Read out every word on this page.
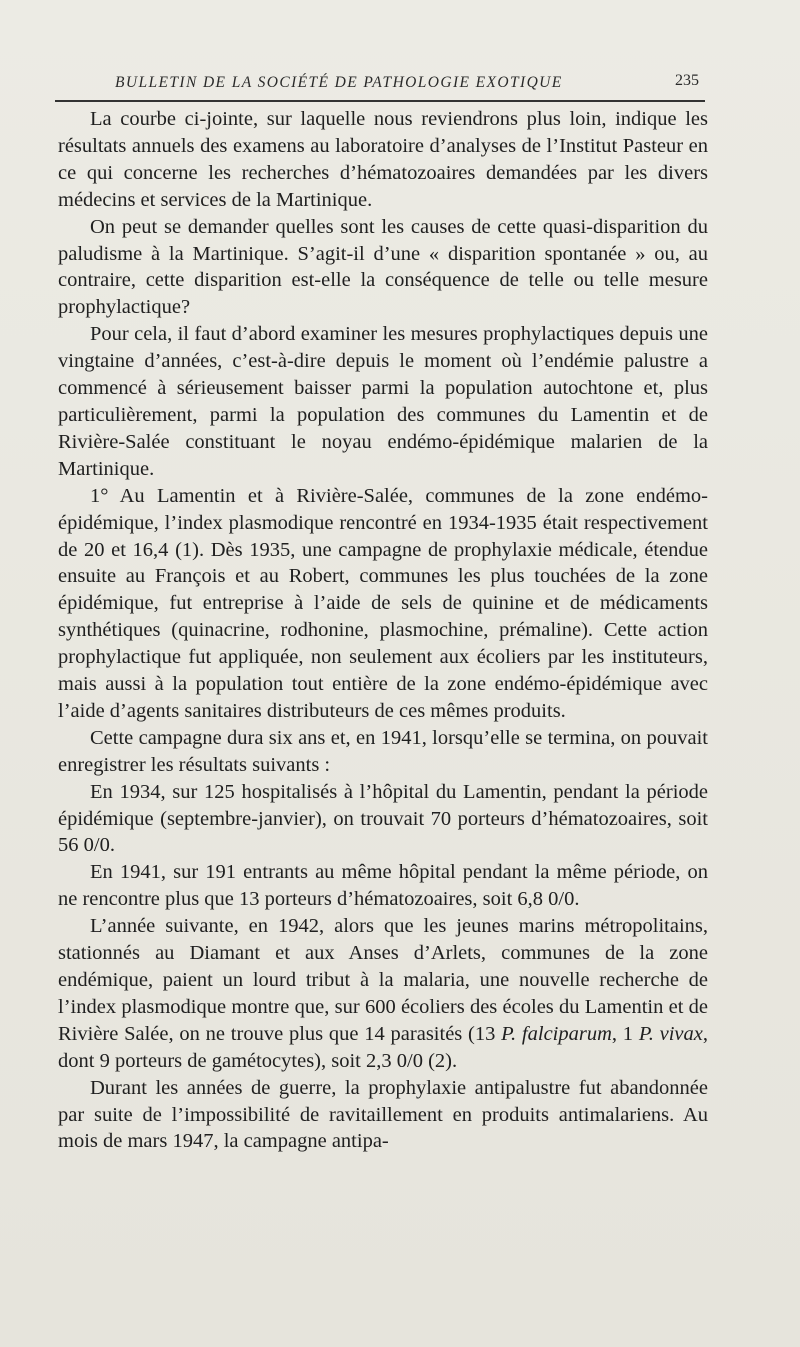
BULLETIN DE LA SOCIÉTÉ DE PATHOLOGIE EXOTIQUE	235

La courbe ci-jointe, sur laquelle nous reviendrons plus loin, indique les résultats annuels des examens au laboratoire d’analyses de l’Institut Pasteur en ce qui concerne les recherches d’hématozoaires demandées par les divers médecins et services de la Martinique.

On peut se demander quelles sont les causes de cette quasi-disparition du paludisme à la Martinique. S’agit-il d’une « disparition spontanée » ou, au contraire, cette disparition est-elle la conséquence de telle ou telle mesure prophylactique?

Pour cela, il faut d’abord examiner les mesures prophylactiques depuis une vingtaine d’années, c’est-à-dire depuis le moment où l’endémie palustre a commencé à sérieusement baisser parmi la population autochtone et, plus particulièrement, parmi la population des communes du Lamentin et de Rivière-Salée constituant le noyau endémo-épidémique malarien de la Martinique.

1° Au Lamentin et à Rivière-Salée, communes de la zone endémo-épidémique, l’index plasmodique rencontré en 1934-1935 était respectivement de 20 et 16,4 (1). Dès 1935, une campagne de prophylaxie médicale, étendue ensuite au François et au Robert, communes les plus touchées de la zone épidémique, fut entreprise à l’aide de sels de quinine et de médicaments synthétiques (quinacrine, rodhonine, plasmochine, prémaline). Cette action prophylactique fut appliquée, non seulement aux écoliers par les instituteurs, mais aussi à la population tout entière de la zone endémo-épidémique avec l’aide d’agents sanitaires distributeurs de ces mêmes produits.

Cette campagne dura six ans et, en 1941, lorsqu’elle se termina, on pouvait enregistrer les résultats suivants :

En 1934, sur 125 hospitalisés à l’hôpital du Lamentin, pendant la période épidémique (septembre-janvier), on trouvait 70 porteurs d’hématozoaires, soit 56 0/0.

En 1941, sur 191 entrants au même hôpital pendant la même période, on ne rencontre plus que 13 porteurs d’hématozoaires, soit 6,8 0/0.

L’année suivante, en 1942, alors que les jeunes marins métropolitains, stationnés au Diamant et aux Anses d’Arlets, communes de la zone endémique, paient un lourd tribut à la malaria, une nouvelle recherche de l’index plasmodique montre que, sur 600 écoliers des écoles du Lamentin et de Rivière Salée, on ne trouve plus que 14 parasités (13 P. falciparum, 1 P. vivax, dont 9 porteurs de gamétocytes), soit 2,3 0/0 (2).

Durant les années de guerre, la prophylaxie antipalustre fut abandonnée par suite de l’impossibilité de ravitaillement en produits antimalariens. Au mois de mars 1947, la campagne antipa-
